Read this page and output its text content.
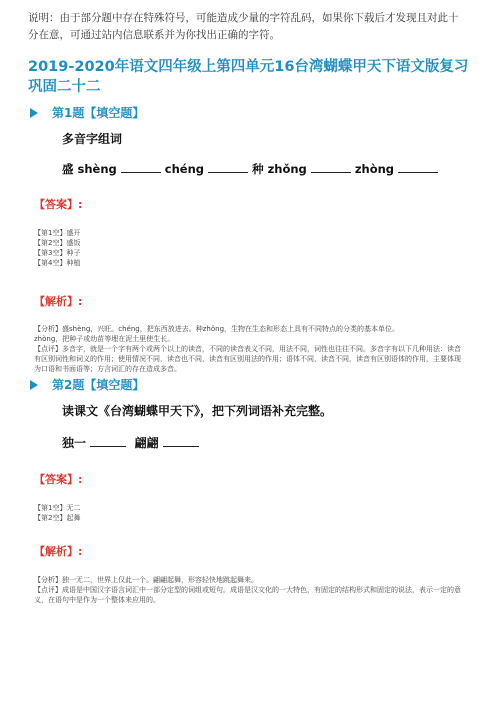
说明：由于部分题中存在特殊符号，可能造成少量的字符乱码，如果你下载后才发现且对此十分在意，可通过站内信息联系并为你找出正确的字符。
2019-2020年语文四年级上第四单元16台湾蝴蝶甲天下语文版复习巩固二十二
第1题【填空题】
多音字组词
盛 shèng	chéng	种 zhǒng	zhòng
【答案】:

【第1空】盛开

【第2空】盛饭

【第3空】种子

【第4空】种植

【解析】:

【分析】盛shèng，兴旺。chéng，把东西放进去。种zhǒng，生物在生态和形态上具有不同特点的分类的基本单位。

zhòng，把种子或幼苗等埋在泥土里使生长。

【点评】多音字，就是一个字有两个或两个以上的读音，不同的读音表义不同，用法不同，词性也往往不同。多音字有以下几种用法：读音有区别词性和词义的作用；使用情况不同，读音也不同，读音有区别用法的作用；语体不同，读音不同，读音有区别语体的作用，主要体现为口语和书面语等；方言词汇的存在造成多音。

第2题【填空题】
读课文《台湾蝴蝶甲天下》，把下列词语补充完整。
独一	翩翩
【答案】:

【第1空】无二

【第2空】起舞

【解析】:

【分析】独一无二，世界上仅此一个。翩翩起舞，形容轻快地跳起舞来。

【点评】成语是中国汉字语言词汇中一部分定型的词组或短句。成语是汉文化的一大特色，有固定的结构形式和固定的说法，表示一定的意义，在语句中是作为一个整体来应用的。
